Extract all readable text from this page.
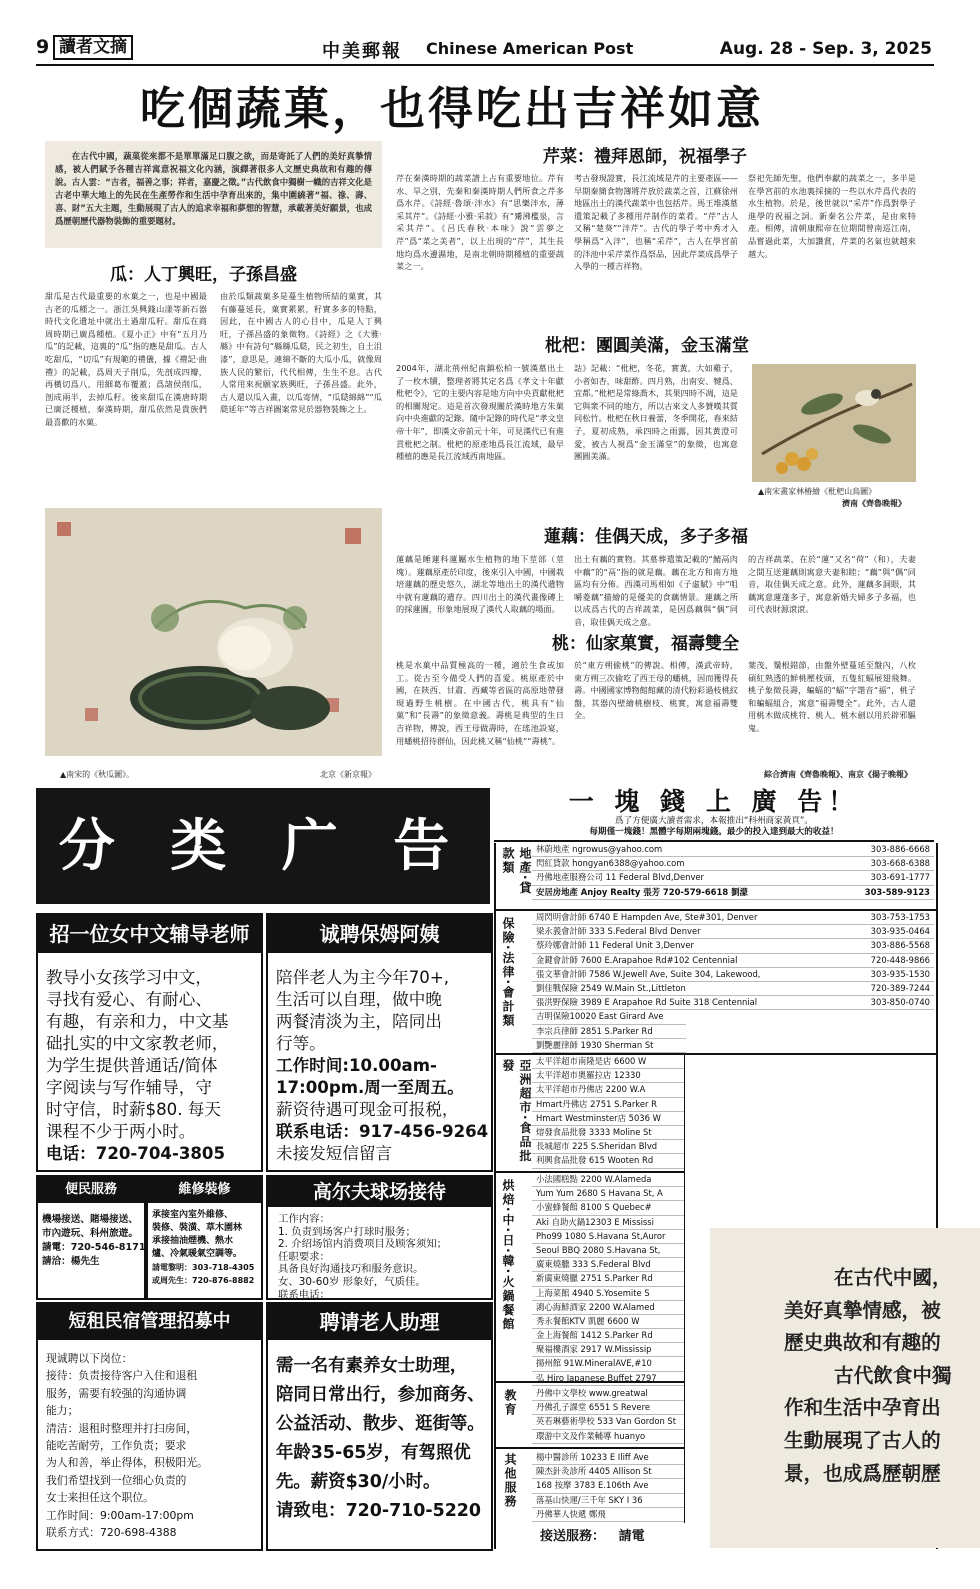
9 讀者文摘	中美郵報 Chinese American Post	Aug. 28 - Sep. 3, 2025
吃個蔬菓，也得吃出吉祥如意
在古代中國，蔬菓從來都不是單單滿足口腹之欲，而是寄託了人們的美好真摯情感，被人們賦予各種吉祥寓意祝福文化內涵，演繹著很多人文歷史典故和有趣的傳說。古人雲：“吉者，福善之事；祥者，嘉慶之徵。”古代飲食中獨樹一幟的吉祥文化是古老中華大地上的先民在生產勞作和生活中孕育出來的，集中圍繞著“福、祿、壽、喜、財”五大主題，生動展現了古人的追求幸福和夢想的智慧，承載著美好願景，也成爲歷朝歷代器物裝飾的重要題材。
瓜：人丁興旺，子孫昌盛
甜瓜是古代最重要的水菓之一，也是中國最古老的瓜種之一。浙江吳興錢山漾等新石器時代文化遺址中就出土過甜瓜籽。甜瓜在商周時期已廣爲種植。《夏小正》中有“五月乃瓜”的記載，這裏的“瓜”指的應是甜瓜。古人吃甜瓜，“切瓜”有規範的禮儀，據《禮記·曲禮》的記載，爲周天子削瓜，先剖成四瓣，再橫切爲八，用細葛布覆蓋；爲諸侯削瓜，剖成兩半，去掉瓜籽。後來甜瓜在漢唐時期已廣泛種植，秦漢時期，甜瓜依然是貴族們最喜歡的水菓。
由於瓜類蔬菓多是蔓生植物所結的菓實，其有藤蔓延長，菓實累累，籽實多多的特點，因此，在中國古人的心目中，瓜是人丁興旺，子孫昌盛的象徵物。《詩經》之《大雅·緜》中有詩句“緜緜瓜瓞，民之初生，自土沮漆”，意思是，連綿不斷的大瓜小瓜，就像周族人民的繁衍，代代相傳，生生不息。古代人常用來祝願家族興旺，子孫昌盛。此外，古人還以瓜入畫，以瓜寄情，“瓜瓞綿綿”“瓜瓞延年”等吉祥圖案常見於器物裝飾之上。
▲南宋的《秋瓜圖》。	北京《新京報》
芹菜：禮拜恩師，祝福學子
芹在秦漢時期的蔬菜譜上占有重要地位。芹有水、旱之別，先秦和秦漢時期人們所食之芹多爲水芹。《詩經·魯頌·泮水》有“思樂泮水，薄采其芹”。《詩經·小雅·采菽》有“觱沸檻泉，言采其芹”。《呂氏春秋·本味》說“雲夢之芹”爲“菜之美者”，以上出現的“芹”，其生長地均爲水邊濕地，是南北朝時期種植的重要蔬菜之一。
考古發現證實，長江流域是芹的主要產區——早期秦簡食物簿將芹放於蔬菜之首，江蘇徐州地區出土的漢代蔬菜中也包括芹。馬王堆漢墓遣策記載了多種用芹制作的菜肴。“芹”古人又稱“楚葵”“泮芹”。古代的學子考中秀才入學稱爲“入泮”，也稱“采芹”，古人在學宮前的泮池中采芹菜作爲祭品，因此芹菜成爲學子入學的一種吉祥物。
祭祀先師先聖，他們奉獻的蔬菜之一，多半是在學宮前的水池裏採摘的一些以水芹爲代表的水生植物。於是，後世就以“采芹”作爲對學子進學的祝福之詞。新秦名公芹菜，是由來特產。相傳，清朝康熙帝在位期間曾南巡江南，品嘗過此菜，大加讚賞，芹菜的名氣也就越來越大。
枇杷：團圓美滿，金玉滿堂
2004年，湖北荊州紀南鎮松柏一號漢墓出土了一枚木牘，整理者將其定名爲《孝文十年獻枇杷令》，它的主要内容是地方向中央貢獻枇杷的相關規定。這是首次發現關於漢時地方朱菓向中央進獻的記錄。隨中記錄的時代是“孝文皇帝十年”，即漢文帝前元十年，可見漢代已有進貢枇杷之制。枇杷的原產地爲長江流域，最早種植的應是長江流域西南地區。
詁》記載：“枇杷，冬花，實黃，大如雞子，小者如杏，味甜酢。四月熟，出南安、犍爲、宜都。”枇杷是常綠喬木，其果四時不凋，這是它與衆不同的地方，所以古來文人多贊嘆其質同松竹。枇杷在秋日養蕾，冬季開花，春來結子，夏初成熟，承四時之雨露，因其黃澄可愛，被古人視爲“金玉滿堂”的象徵，也寓意團圓美滿。
▲南宋畫家林椿繪《枇杷山鳥圖》
濟南《齊魯晚報》
蓮藕：佳偶天成，多子多福
蓮藕是睡蓮科蓮屬水生植物的地下莖部（莖塊）。蓮藕原產於印度，後來引入中國，中國栽培蓮藕的歷史悠久，湖北等地出土的漢代遺物中就有蓮藕的遺存。四川出土的漢代畫像磚上的採蓮圖，形象地展現了漢代人取藕的場面。
出土有藕的實物。其墓葬遣策記載的“鯖鬲肉中藕”的“鬲”指的就是藕。藕在北方和南方地區均有分佈。西漢司馬相如《子虛賦》中“咀嚼菱藕”描繪的是優美的食藕情景。蓮藕之所以成爲古代的吉祥蔬菜，是因爲藕與“偶”同音，取佳偶天成之意。
的吉祥蔬菜，在於“蓮”又名“荷”（和），夫妻之間互送蓮藕則寓意夫妻和睦；“藕”與“偶”同音，取佳偶天成之意。此外，蓮藕多洞眼，其藕寓意蓮蓬多子，寓意新婚夫婦多子多福，也可代表財源滾滾。
桃：仙家菓實，福壽雙全
桃是水菓中品質極高的一種，適於生食或加工。從古至今備受人們的喜愛。桃原產於中國，在陝西、甘肅、西藏等省區的高原地帶發現過野生桃樹。在中國古代，桃具有“仙菓”和“長壽”的象徵意義。壽桃是典型的生日吉祥物，傳說，西王母做壽時，在瑤池設宴，用蟠桃招待群仙，因此桃又稱“仙桃”“壽桃”。
於“東方朔偷桃”的傳說。相傳，漢武帝時，東方朔三次偷吃了西王母的蟠桃，因而獲得長壽。中國國家博物館館藏的清代粉彩過枝桃紋盤，其器內壁繪桃樹枝、桃實，寓意福壽雙全。
葉茂，鬚根錯節，由盤外壁蔓延至盤內，八枚碩紅熟透的鮮桃壓枝頭，五隻紅蝠展翅飛舞。桃子象徵長壽，蝙蝠的“蝠”字諧音“福”，桃子和蝙蝠組合，寓意“福壽雙全”。此外，古人還用桃木做成桃符、桃人、桃木劍以用於辟邪驅鬼。
綜合濟南《齊魯晚報》、南京《揚子晚報》
分 类 广 告
招一位女中文辅导老师
教导小女孩学习中文，
寻找有爱心、有耐心、
有趣，有亲和力，中文基
础扎实的中文家教老师，
为学生提供普通话/简体
字阅读与写作辅导，守
时守信，时薪$80. 每天
课程不少于两小时。
电话：720-704-3805
诚聘保姆阿姨
陪伴老人为主今年70+,
生活可以自理，做中晚
两餐清淡为主，陪同出
行等。
工作时间:10.00am-
17:00pm.周一至周五。
薪资待遇可现金可报税，
联系电话：917-456-9264
未接发短信留言
便民服務
機場接送、賭場接送、
市內遊玩、科州旅遊。
請電：720-546-8171
請洽：楊先生
維修裝修
承接室內室外維修、
裝修、裝潢、草木園林
承接抽油煙機、熱水
爐、冷氣暖氣空調等。
請電黎明：303-718-4305
或周先生：720-876-8882
高尔夫球场接待
工作内容：
1. 负责到场客户打球时服务；
2. 介绍场馆内消费项目及顾客须知；
任职要求：
具备良好沟通技巧和服务意识。
女、30-60岁 形象好，气质佳。
联系电话：
短租民宿管理招募中
现诚聘以下岗位：
接待：负责接待客户入住和退租
服务，需要有较强的沟通协调
能力；
清洁：退租时整理并打扫房间，
能吃苦耐劳，工作负责；要求
为人和善，举止得体，积极阳光。
我们希望找到一位细心负责的
女士来担任这个职位。
工作时间：9:00am-17:00pm
联系方式：720-698-4388
聘请老人助理
需一名有素养女士助理，
陪同日常出行，参加商务、
公益活动、散步、逛街等。
年龄35-65岁，有驾照优
先。薪资$30/小时。
请致电：720-710-5220
一 塊 錢 上 廣 告！
爲了方便廣大讀者需求，本報推出“科州商家黃頁”。
每期僅一塊錢！黑體字每期兩塊錢。最少的投入達到最大的收益！
地產·貸款類	林蔚地產 ngrowus@yahoo.com	303-886-6668
閃紅貸款 hongyan6388@yahoo.com	303-668-6388
丹佛地產服務公司 11 Federal Blvd,Denver	303-691-1777
安居房地產 Anjoy Realty 張芳 720-579-6618 劉濛	303-589-9123
保險·法律·會計類	周閃明會計師 6740 E Hampden Ave, Ste#301, Denver	303-753-1753
梁永義會計師 333 S.Federal Blvd Denver	303-935-0464
蔡玲娜會計師 11 Federal Unit 3,Denver	303-886-5568
金鍵會計師 7600 E.Arapahoe Rd#102 Centennial	720-448-9866
張文華會計師 7586 W.Jewell Ave, Suite 304, Lakewood,	303-935-1530
劉佳戰保險 2549 W.Main St.,Littleton	720-389-7244
張洪野保險 3989 E Arapahoe Rd Suite 318 Centennial	303-850-0740
吉明保險10020 East Girard Ave
李宗兵律師 2851 S.Parker Rd
劉艷麗律師 1930 Sherman St
亞洲超市·食品批發	太平洋超市南隆是店 6600 W
太平洋超市奧羅拉店 12330
太平洋超市丹佛店 2200 W.A
Hmart丹佛店 2751 S.Parker R
Hmart Westminster店 5036 W
熔發食品批發 3333 Moline St
長城超市 225 S.Sheridan Blvd
利興食品批發 615 Wooten Rd
烘焙·中·日·韓·火鍋餐館	小法國糕點 2200 W.Alameda
Yum Yum 2680 S Havana St, A
小蜜蜂餐館 8100 S Quebec#
Aki 自助火鍋12303 E Mississi
Pho99 1080 S.Havana St,Auror
Seoul BBQ 2080 S.Havana St,
廣東燒臘 333 S.Federal Blvd
新廣東燒臘 2751 S.Parker Rd
上海菜館 4940 S.Yosemite S
鴻心海鮮酒家 2200 W.Alamed
秀永餐館KTV 凱麗 6600 W
金上海餐館 1412 S.Parker Rd
聚福樓酒家 2917 W.Mississip
揚州館 91W.MineralAVE,#10
弘 Hiro Japanese Buffet 2797
教育 丹佛中文學校 www.greatwal
丹佛孔子課堂 6551 S Revere
英若琳藝術學校 533 Van Gordon St
環游中文及作業輔導 huanyo
其他服務 楊中醫診所 10233 E Iliff Ave
陳杰針灸診所 4405 Allison St
168 按摩 3783 E.106th Ave
落基山快運/三千年 SKY I 36
丹佛華人快遞 鄭飛
接送服務：   請電
在古代中國，
美好真摯情感，被
歷史典故和有趣的
古代飲食中獨
作和生活中孕育出
生動展現了古人的
景，也成爲歷朝歷
